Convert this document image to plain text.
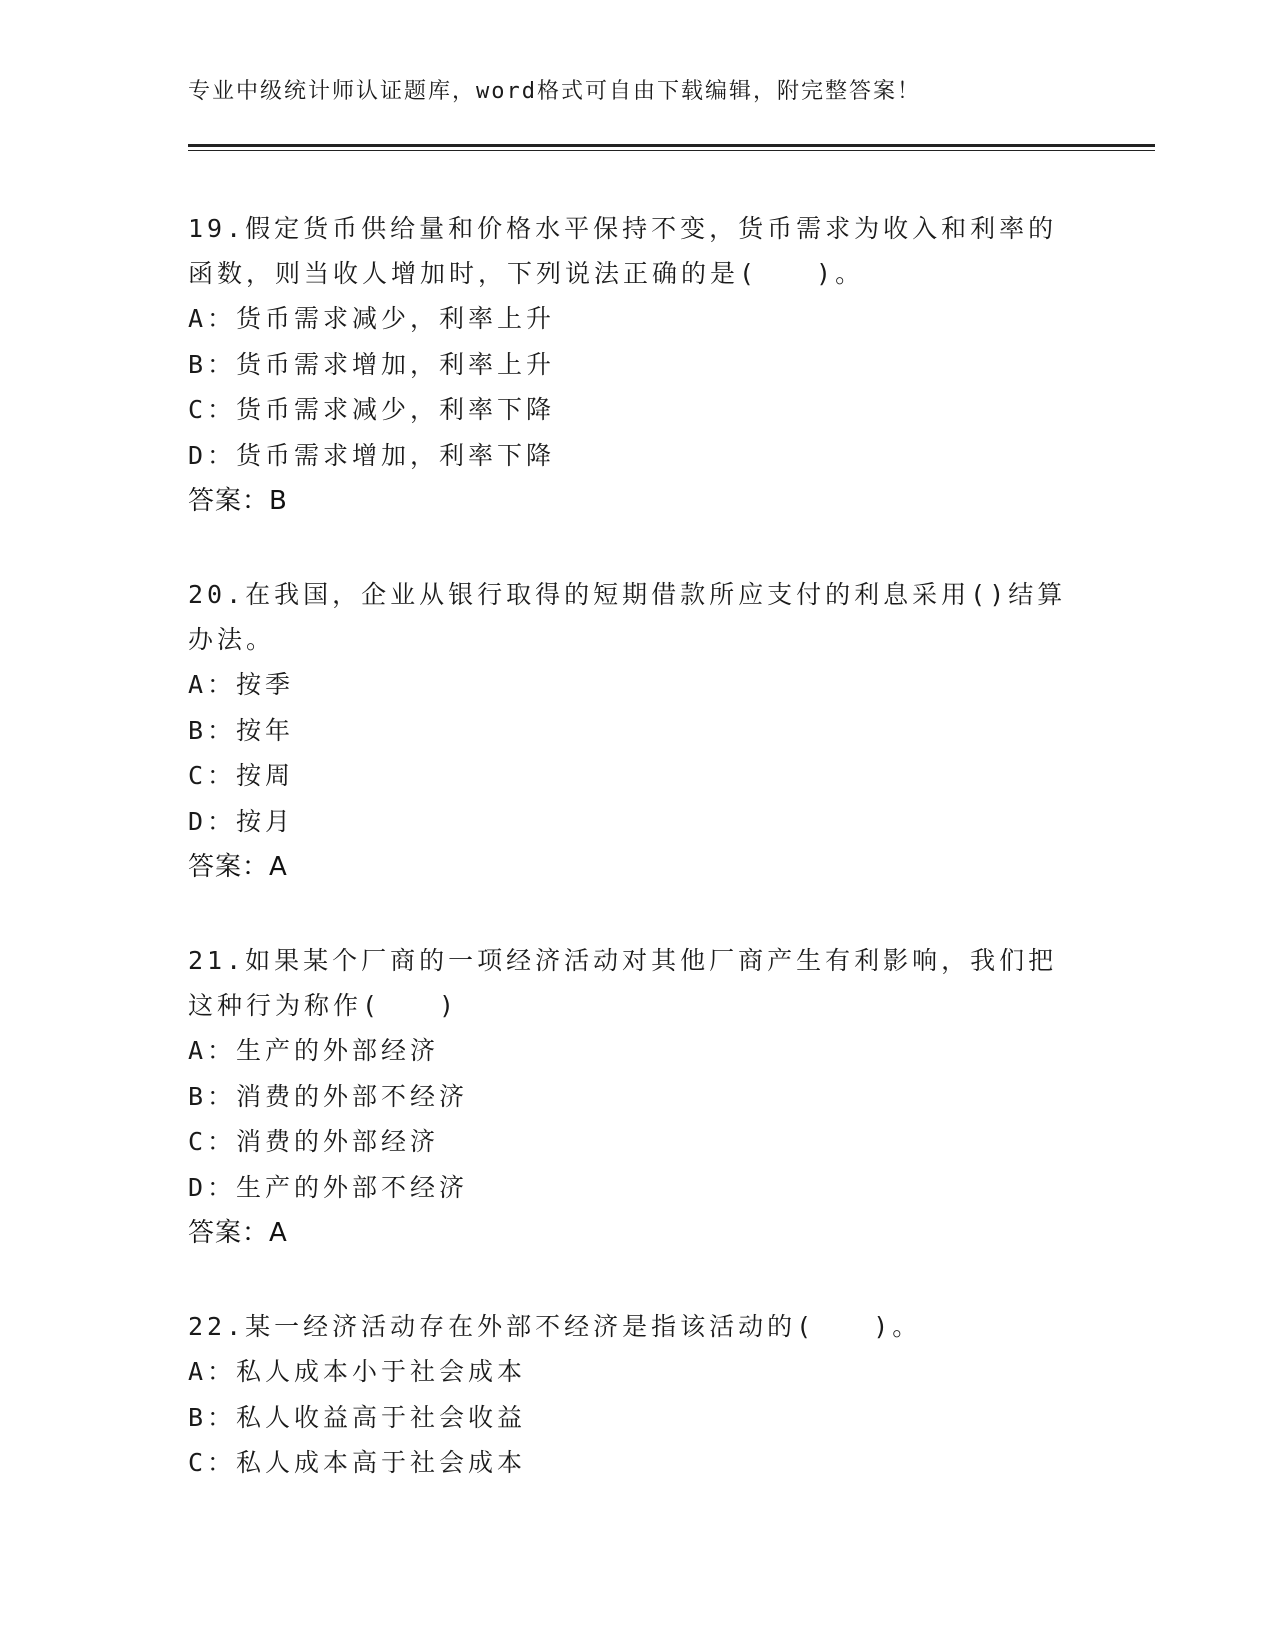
专业中级统计师认证题库，word格式可自由下载编辑，附完整答案！

19.假定货币供给量和价格水平保持不变，货币需求为收入和利率的函数，则当收人增加时，下列说法正确的是(　　)。

A：货币需求减少，利率上升
B：货币需求增加，利率上升
C：货币需求减少，利率下降
D：货币需求增加，利率下降
答案：B

20.在我国，企业从银行取得的短期借款所应支付的利息采用()结算办法。

A：按季
B：按年
C：按周
D：按月
答案：A

21.如果某个厂商的一项经济活动对其他厂商产生有利影响，我们把这种行为称作(　　)

A：生产的外部经济
B：消费的外部不经济
C：消费的外部经济
D：生产的外部不经济
答案：A

22.某一经济活动存在外部不经济是指该活动的(　　)。

A：私人成本小于社会成本
B：私人收益高于社会收益
C：私人成本高于社会成本
